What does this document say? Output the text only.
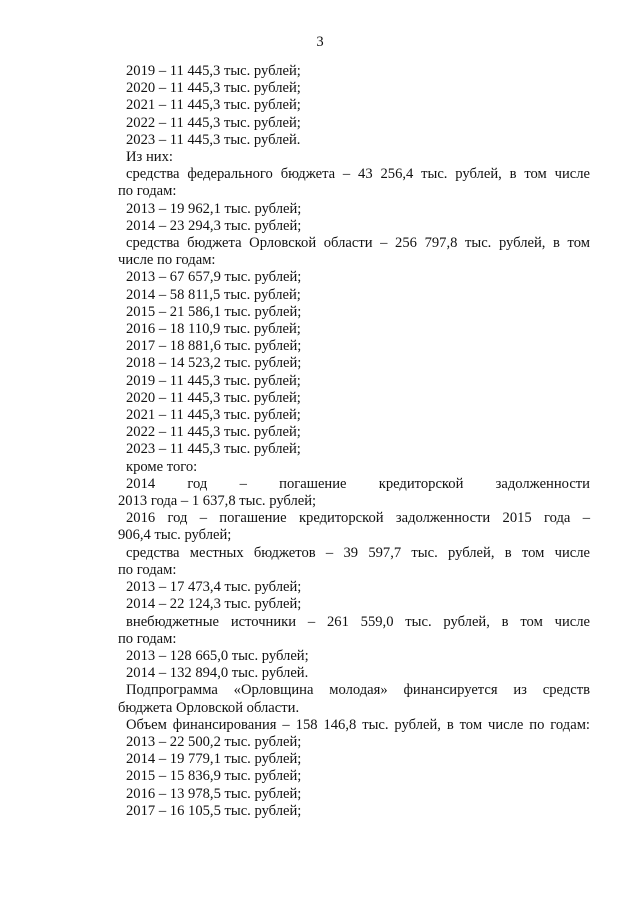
3
2019 – 11 445,3 тыс. рублей;
2020 – 11 445,3 тыс. рублей;
2021 – 11 445,3 тыс. рублей;
2022 – 11 445,3 тыс. рублей;
2023 – 11 445,3 тыс. рублей.
Из них:
средства федерального бюджета – 43 256,4 тыс. рублей, в том числе
по годам:
2013 – 19 962,1 тыс. рублей;
2014 – 23 294,3 тыс. рублей;
средства бюджета Орловской области – 256 797,8 тыс. рублей, в том
числе по годам:
2013 – 67 657,9 тыс. рублей;
2014 – 58 811,5 тыс. рублей;
2015 – 21 586,1 тыс. рублей;
2016 – 18 110,9 тыс. рублей;
2017 – 18 881,6 тыс. рублей;
2018 – 14 523,2 тыс. рублей;
2019 – 11 445,3 тыс. рублей;
2020 – 11 445,3 тыс. рублей;
2021 – 11 445,3 тыс. рублей;
2022 – 11 445,3 тыс. рублей;
2023 – 11 445,3 тыс. рублей;
кроме того:
2014 год – погашение кредиторской задолженности
2013 года – 1 637,8 тыс. рублей;
2016 год – погашение кредиторской задолженности 2015 года –
906,4 тыс. рублей;
средства местных бюджетов – 39 597,7 тыс. рублей, в том числе
по годам:
2013 – 17 473,4 тыс. рублей;
2014 – 22 124,3 тыс. рублей;
внебюджетные источники – 261 559,0 тыс. рублей, в том числе
по годам:
2013 – 128 665,0 тыс. рублей;
2014 – 132 894,0 тыс. рублей.
Подпрограмма «Орловщина молодая» финансируется из средств
бюджета Орловской области.
Объем финансирования – 158 146,8 тыс. рублей, в том числе по годам:
2013 – 22 500,2 тыс. рублей;
2014 – 19 779,1 тыс. рублей;
2015 – 15 836,9 тыс. рублей;
2016 – 13 978,5 тыс. рублей;
2017 – 16 105,5 тыс. рублей;
